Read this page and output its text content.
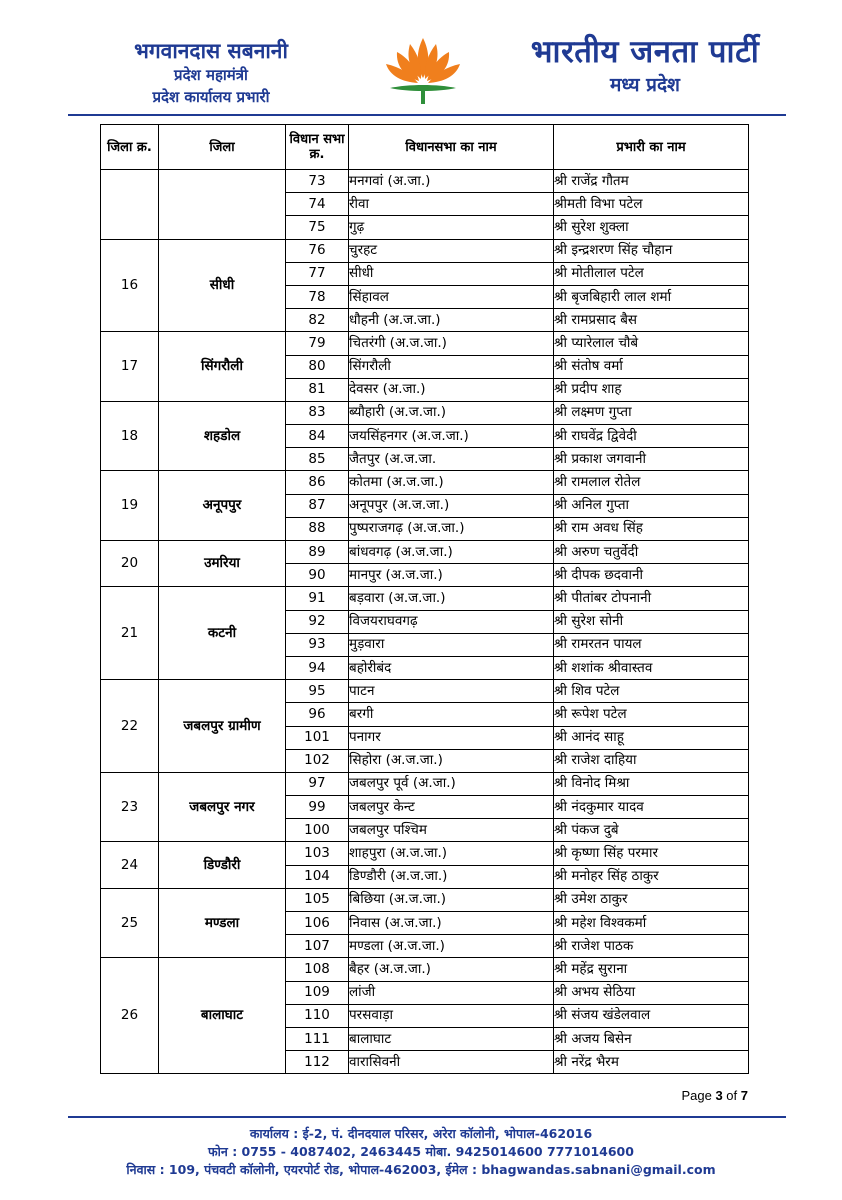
भगवानदास सबनानी
प्रदेश महामंत्री
प्रदेश कार्यालय प्रभारी
भारतीय जनता पार्टी
मध्य प्रदेश
जिला क्र.	जिला	विधान सभा क्र.	विधानसभा का नाम	प्रभारी का नाम
		73	मनगवां (अ.जा.)	श्री राजेंद्र गौतम
		74	रीवा	श्रीमती विभा पटेल
		75	गुढ़	श्री सुरेश शुक्ला
16	सीधी	76	चुरहट	श्री इन्द्रशरण सिंह चौहान
		77	सीधी	श्री मोतीलाल पटेल
		78	सिंहावल	श्री बृजबिहारी लाल शर्मा
		82	धौहनी (अ.ज.जा.)	श्री रामप्रसाद बैस
17	सिंगरौली	79	चितरंगी (अ.ज.जा.)	श्री प्यारेलाल चौबे
		80	सिंगरौली	श्री संतोष वर्मा
		81	देवसर (अ.जा.)	श्री प्रदीप शाह
18	शहडोल	83	ब्यौहारी (अ.ज.जा.)	श्री लक्ष्मण गुप्ता
		84	जयसिंहनगर (अ.ज.जा.)	श्री राघवेंद्र द्विवेदी
		85	जैतपुर (अ.ज.जा.	श्री प्रकाश जगवानी
19	अनूपपुर	86	कोतमा (अ.ज.जा.)	श्री रामलाल रोतेल
		87	अनूपपुर (अ.ज.जा.)	श्री अनिल गुप्ता
		88	पुष्पराजगढ़ (अ.ज.जा.)	श्री राम अवध सिंह
20	उमरिया	89	बांधवगढ़ (अ.ज.जा.)	श्री अरुण चतुर्वेदी
		90	मानपुर (अ.ज.जा.)	श्री दीपक छदवानी
21	कटनी	91	बड़वारा (अ.ज.जा.)	श्री पीतांबर टोपनानी
		92	विजयराघवगढ़	श्री सुरेश सोनी
		93	मुड़वारा	श्री रामरतन पायल
		94	बहोरीबंद	श्री शशांक श्रीवास्तव
22	जबलपुर ग्रामीण	95	पाटन	श्री शिव पटेल
		96	बरगी	श्री रूपेश पटेल
		101	पनागर	श्री आनंद साहू
		102	सिहोरा (अ.ज.जा.)	श्री राजेश दाहिया
23	जबलपुर नगर	97	जबलपुर पूर्व (अ.जा.)	श्री विनोद मिश्रा
		99	जबलपुर केन्ट	श्री नंदकुमार यादव
		100	जबलपुर पश्चिम	श्री पंकज दुबे
24	डिण्डौरी	103	शाहपुरा (अ.ज.जा.)	श्री कृष्णा सिंह परमार
		104	डिण्डौरी (अ.ज.जा.)	श्री मनोहर सिंह ठाकुर
25	मण्डला	105	बिछिया (अ.ज.जा.)	श्री उमेश ठाकुर
		106	निवास (अ.ज.जा.)	श्री महेश विश्वकर्मा
		107	मण्डला (अ.ज.जा.)	श्री राजेश पाठक
26	बालाघाट	108	बैहर (अ.ज.जा.)	श्री महेंद्र सुराना
		109	लांजी	श्री अभय सेठिया
		110	परसवाड़ा	श्री संजय खंडेलवाल
		111	बालाघाट	श्री अजय बिसेन
		112	वारासिवनी	श्री नरेंद्र भैरम
Page 3 of 7
कार्यालय : ई-2, पं. दीनदयाल परिसर, अरेरा कॉलोनी, भोपाल-462016
फोन : 0755 - 4087402, 2463445 मोबा. 9425014600 7771014600
निवास : 109, पंचवटी कॉलोनी, एयरपोर्ट रोड, भोपाल-462003, ईमेल : bhagwandas.sabnani@gmail.com
